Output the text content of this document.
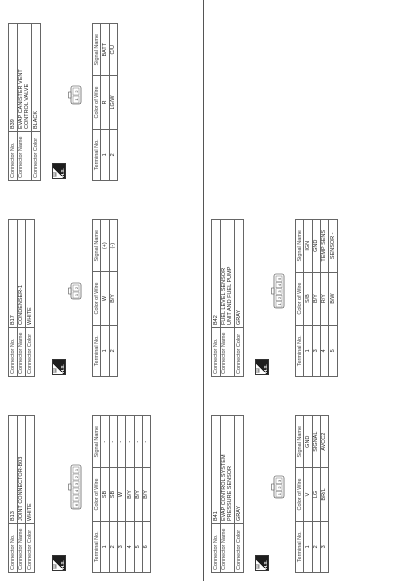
Connector No.	B13
Connector Name	JOINT CONNECTOR-B03
Connector Color	WHITE
▤ H.S.
6
5
4
3
2
1
Terminal No.	Color of Wire	Signal Name
1	SB	-
2	SB	-
3	W	-
4	B/Y	-
5	B/Y	-
6	B/Y	-
Connector No.	B17
Connector Name	CONDENSER-1
Connector Color	WHITE
▤ H.S.
1
2
Terminal No.	Color of Wire	Signal Name
1	W	(+)
2	B/Y	(-)
Connector No.	B39
Connector Name	EVAP CANISTER VENT
CONTROL VALVE
Connector Color	BLACK
▤ H.S.
1
2
Terminal No.	Color of Wire	Signal Name
1	R	BATT
2	LG/W	C/U
Connector No.	B41
Connector Name	EVAP CONTROL SYSTEM
PRESSURE SENSOR
Connector Color	GRAY
▤ H.S.
1
2
3
Terminal No.	Color of Wire	Signal Name
1	V	GND
2	LG	SIGNAL
3	BR/L	AVCC2
Connector No.	B42
Connector Name	FUEL LEVEL SENSOR
UNIT AND FUEL PUMP
Connector Color	GRAY
▤ H.S.
1
2
3
4
5
Terminal No.	Color of Wire	Signal Name
1	S/B	IGN
3	B/Y	GND
4	R/Y	TEMP SENS
5	B/W	SENSOR -
